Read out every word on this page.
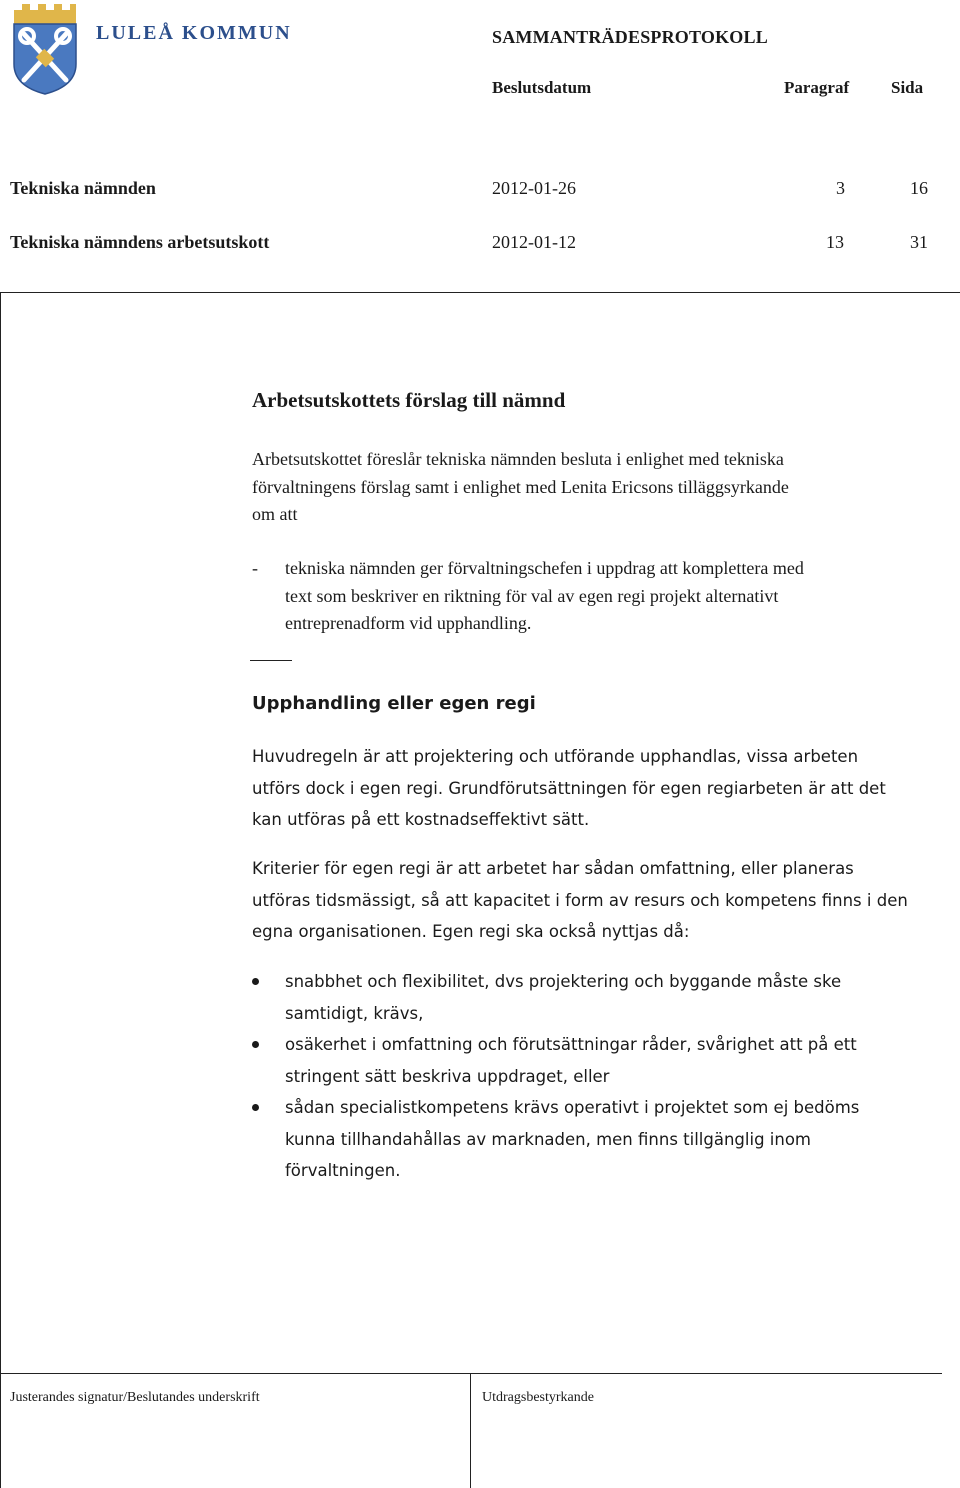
LULEÅ KOMMUN	SAMMANTRÄDESPROTOKOLL
Beslutsdatum	Paragraf Sida
Tekniska nämnden	2012-01-26	3	16
Tekniska nämndens arbetsutskott	2012-01-12	13	31
Arbetsutskottets förslag till nämnd
Arbetsutskottet föreslår tekniska nämnden besluta i enlighet med tekniska
förvaltningens förslag samt i enlighet med Lenita Ericsons tilläggsyrkande
om att
- tekniska nämnden ger förvaltningschefen i uppdrag att komplettera med
text som beskriver en riktning för val av egen regi projekt alternativt
entreprenadform vid upphandling.
Upphandling eller egen regi
Huvudregeln är att projektering och utförande upphandlas, vissa arbeten
utförs dock i egen regi. Grundförutsättningen för egen regiarbeten är att det
kan utföras på ett kostnadseffektivt sätt.
Kriterier för egen regi är att arbetet har sådan omfattning, eller planeras
utföras tidsmässigt, så att kapacitet i form av resurs och kompetens finns i den
egna organisationen. Egen regi ska också nyttjas då:
snabbhet och flexibilitet, dvs projektering och byggande måste ske
samtidigt, krävs,
osäkerhet i omfattning och förutsättningar råder, svårighet att på ett
stringent sätt beskriva uppdraget, eller
sådan specialistkompetens krävs operativt i projektet som ej bedöms
kunna tillhandahållas av marknaden, men finns tillgänglig inom
förvaltningen.
Justerandes signatur/Beslutandes underskrift	Utdragsbestyrkande
